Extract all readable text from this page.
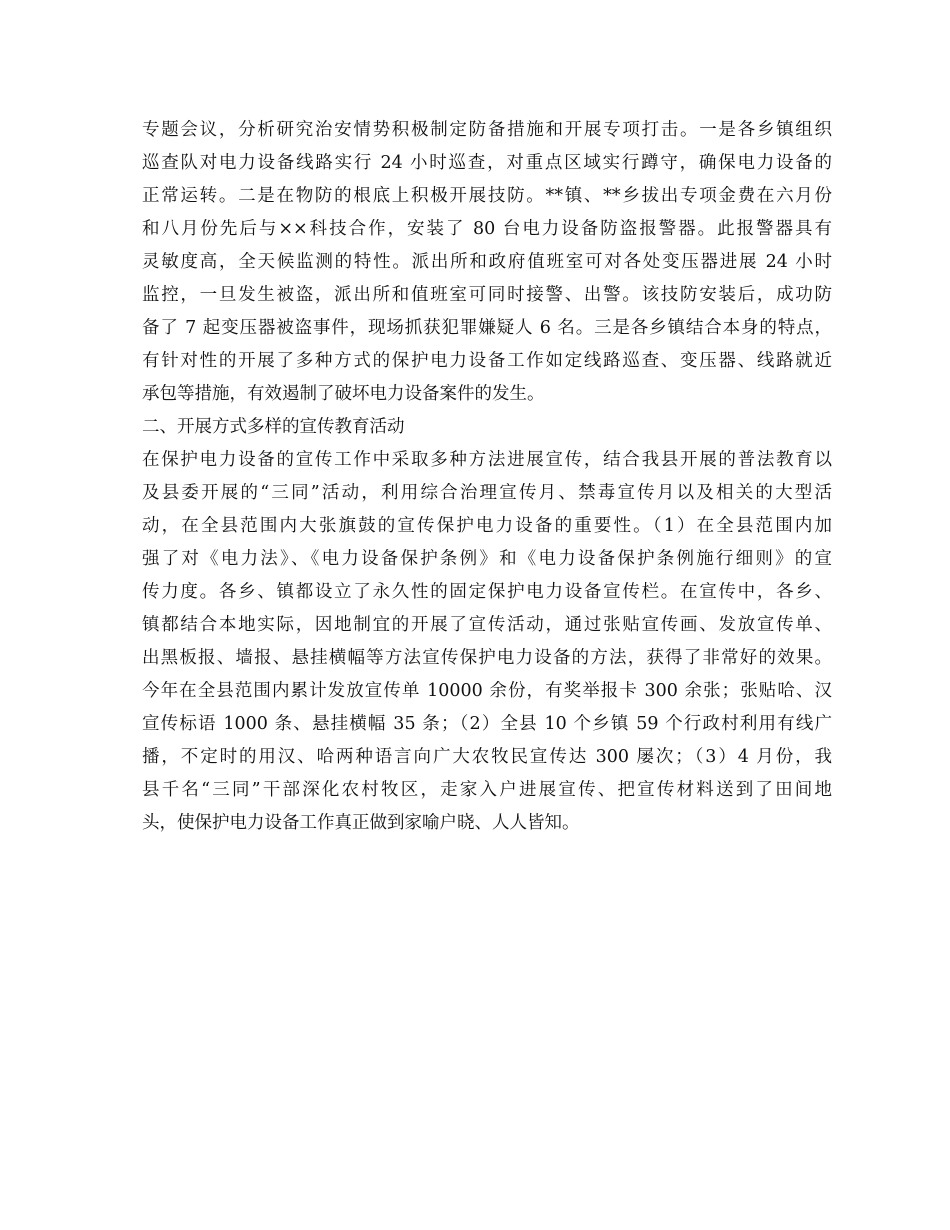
专题会议，分析研究治安情势积极制定防备措施和开展专项打击。一是各乡镇组织
巡查队对电力设备线路实行 24 小时巡查，对重点区域实行蹲守，确保电力设备的
正常运转。二是在物防的根底上积极开展技防。**镇、**乡拔出专项金费在六月份
和八月份先后与××科技合作，安装了 80 台电力设备防盗报警器。此报警器具有
灵敏度高，全天候监测的特性。派出所和政府值班室可对各处变压器进展 24 小时
监控，一旦发生被盗，派出所和值班室可同时接警、出警。该技防安装后，成功防
备了 7 起变压器被盗事件，现场抓获犯罪嫌疑人 6 名。三是各乡镇结合本身的特点，
有针对性的开展了多种方式的保护电力设备工作如定线路巡查、变压器、线路就近
承包等措施，有效遏制了破坏电力设备案件的发生。
二、开展方式多样的宣传教育活动
在保护电力设备的宣传工作中采取多种方法进展宣传，结合我县开展的普法教育以
及县委开展的“三同”活动，利用综合治理宣传月、禁毒宣传月以及相关的大型活
动，在全县范围内大张旗鼓的宣传保护电力设备的重要性。（1）在全县范围内加
强了对《电力法》、《电力设备保护条例》和《电力设备保护条例施行细则》的宣
传力度。各乡、镇都设立了永久性的固定保护电力设备宣传栏。在宣传中，各乡、
镇都结合本地实际，因地制宜的开展了宣传活动，通过张贴宣传画、发放宣传单、
出黑板报、墙报、悬挂横幅等方法宣传保护电力设备的方法，获得了非常好的效果。
今年在全县范围内累计发放宣传单 10000 余份，有奖举报卡 300 余张；张贴哈、汉
宣传标语 1000 条、悬挂横幅 35 条；（2）全县 10 个乡镇 59 个行政村利用有线广
播，不定时的用汉、哈两种语言向广大农牧民宣传达 300 屡次；（3）4 月份，我
县千名“三同”干部深化农村牧区，走家入户进展宣传、把宣传材料送到了田间地
头，使保护电力设备工作真正做到家喻户晓、人人皆知。
